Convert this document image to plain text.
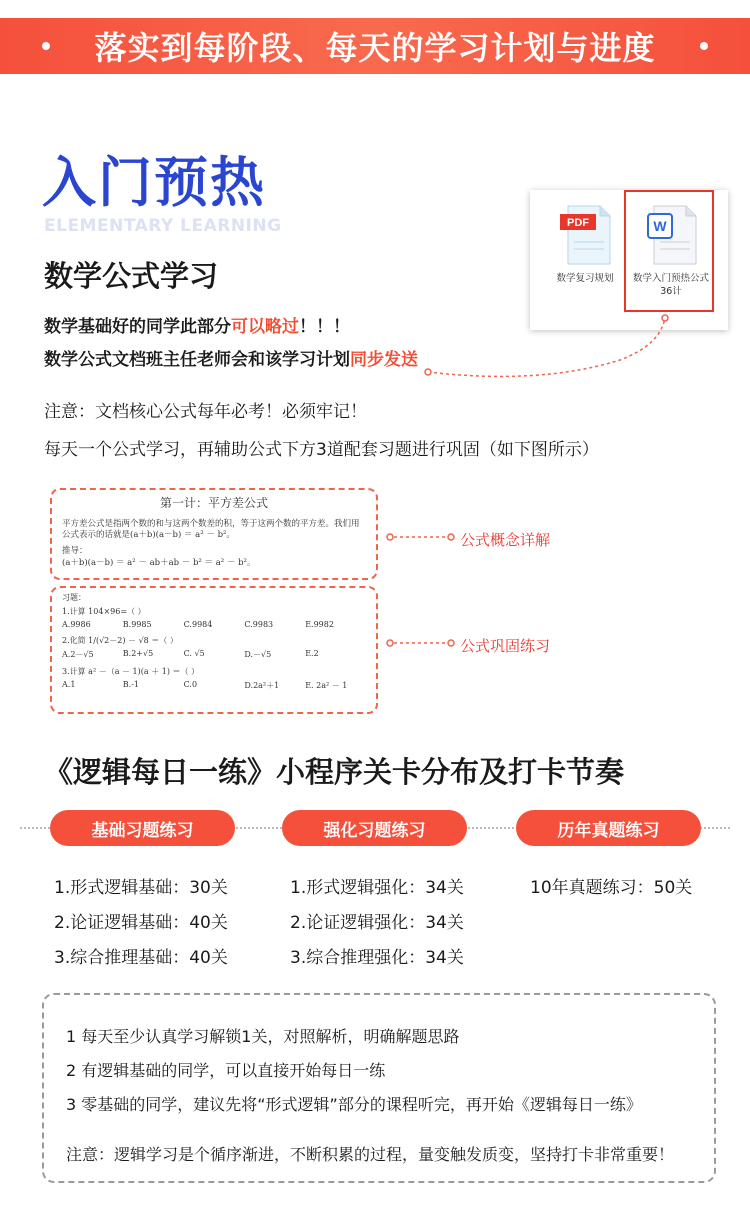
落实到每阶段、每天的学习计划与进度
入门预热
ELEMENTARY LEARNING
数学公式学习
数学基础好的同学此部分可以略过！！！
数学公式文档班主任老师会和该学习计划同步发送
注意：文档核心公式每年必考！必须牢记！
每天一个公式学习，再辅助公式下方3道配套习题进行巩固（如下图所示）
PDF
数学复习规划
W
数学入门预热公式36计
第一计：平方差公式
平方差公式是指两个数的和与这两个数差的积，等于这两个数的平方差。我们用公式表示的话就是(a＋b)(a－b) ＝ a² － b²。
推导：
(a＋b)(a－b) ＝ a² － ab＋ab － b² ＝ a² － b²。
习题：
1.计算 104×96=（ ）
A.9986	B.9985	C.9984	C.9983	E.9982
2.化简 1/(√2－2) － √8 ＝（ ）
A.2－√5	B.2+√5	C. √5	D.－√5	E.2
3.计算 a² －（a － 1)(a ＋ 1) ＝（ ）
A.1	B.-1	C.0	D.2a²＋1	E. 2a² － 1
公式概念详解
公式巩固练习
《逻辑每日一练》小程序关卡分布及打卡节奏
基础习题练习	强化习题练习	历年真题练习
1.形式逻辑基础：30关
2.论证逻辑基础：40关
3.综合推理基础：40关
1.形式逻辑强化：34关
2.论证逻辑强化：34关
3.综合推理强化：34关
10年真题练习：50关
1 每天至少认真学习解锁1关，对照解析，明确解题思路
2 有逻辑基础的同学，可以直接开始每日一练
3 零基础的同学，建议先将“形式逻辑”部分的课程听完，再开始《逻辑每日一练》
注意：逻辑学习是个循序渐进，不断积累的过程，量变触发质变，坚持打卡非常重要！
